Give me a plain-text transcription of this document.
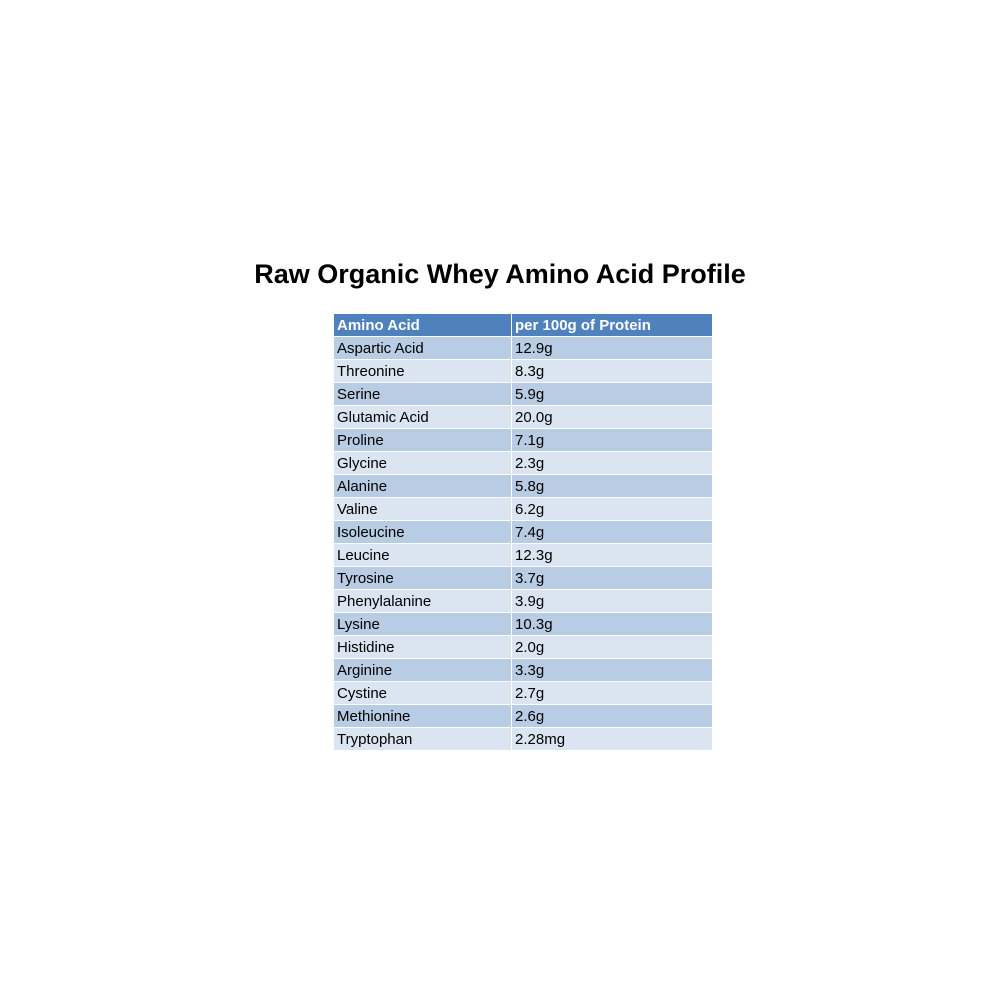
Raw Organic Whey Amino Acid Profile
Amino Acid	per 100g of Protein
Aspartic Acid	12.9g
Threonine	8.3g
Serine	5.9g
Glutamic Acid	20.0g
Proline	7.1g
Glycine	2.3g
Alanine	5.8g
Valine	6.2g
Isoleucine	7.4g
Leucine	12.3g
Tyrosine	3.7g
Phenylalanine	3.9g
Lysine	10.3g
Histidine	2.0g
Arginine	3.3g
Cystine	2.7g
Methionine	2.6g
Tryptophan	2.28mg
